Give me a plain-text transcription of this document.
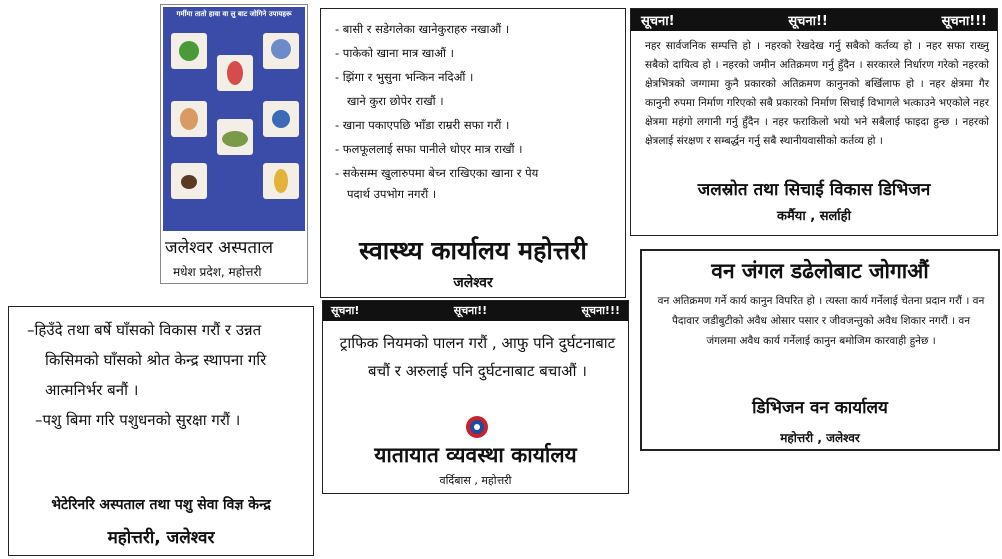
गर्मीमा तातो हावा वा लु बाट जोगिने उपायहरू
जलेश्वर अस्पताल
मधेश प्रदेश, महोत्तरी
- बासी र सडेगलेका खानेकुराहरु नखाऔं ।
- पाकेको खाना मात्र खाऔं ।
- झिंगा र भुसुना भन्किन नदिऔं ।
खाने कुरा छोपेर राखौं ।
- खाना पकाएपछि भाँडा राम्ररी सफा गरौं ।
- फलफूललाई सफा पानीले धोएर मात्र राखौं ।
- सकेसम्म खुलारुपमा बेच्न राखिएका खाना र पेय
पदार्थ उपभोग नगरौं ।
स्वास्थ्य कार्यालय महोत्तरी
जलेश्वर
सूचना!	सूचना!!	सूचना!!!

नहर सार्वजनिक सम्पत्ति हो । नहरको रेखदेख गर्नु सबैको कर्तव्य हो । नहर सफा राख्नु सबैको दायित्व हो । नहरको जमीन अतिक्रमण गर्नु हुँदैन । सरकारले निर्धारण गरेको नहरको क्षेत्रभित्रको जग्गामा कुनै प्रकारको अतिक्रमण कानुनको बर्खिलाफ हो । नहर क्षेत्रमा गैर कानुनी रुपमा निर्माण गरिएको सबै प्रकारको निर्माण सिचाई विभागले भत्काउने भएकोले नहर क्षेत्रमा महंगो लगानी गर्नु हुँदैन । नहर फराकिलो भयो भने सबैलाई फाइदा हुन्छ । नहरको क्षेत्रलाई संरक्षण र सम्बर्द्धन गर्नु सबै स्थानीयवासीको कर्तव्य हो ।

जलस्रोत तथा सिचाई विकास डिभिजन
कर्मैया , सर्लाही
वन जंगल डढेलोबाट जोगाऔं

वन अतिक्रमण गर्ने कार्य कानुन विपरित हो । त्यस्ता कार्य गर्नेलाई चेतना प्रदान गरौं । वन पैदावार जडीबुटीको अवैध ओसार पसार र जीवजन्तुको अवैध शिकार नगरौं । वन जंगलमा अवैध कार्य गर्नेलाई कानुन बमोजिम कारवाही हुनेछ ।

डिभिजन वन कार्यालय
महोत्तरी , जलेश्वर
–हिउँदे तथा बर्षे घाँसको विकास गरौं र उन्नत
किसिमको घाँसको श्रोत केन्द्र स्थापना गरि
आत्मनिर्भर बनौं ।
–पशु बिमा गरि पशुधनको सुरक्षा गरौं ।
भेटेरिनरि अस्पताल तथा पशु सेवा विज्ञ केन्द्र
महोत्तरी, जलेश्वर
सूचना!	सूचना!!	सूचना!!!

ट्राफिक नियमको पालन गरौं , आफु पनि दुर्घटनाबाट बचौं र अरुलाई पनि दुर्घटनाबाट बचाऔं ।

यातायात व्यवस्था कार्यालय
वर्दिबास , महोत्तरी
